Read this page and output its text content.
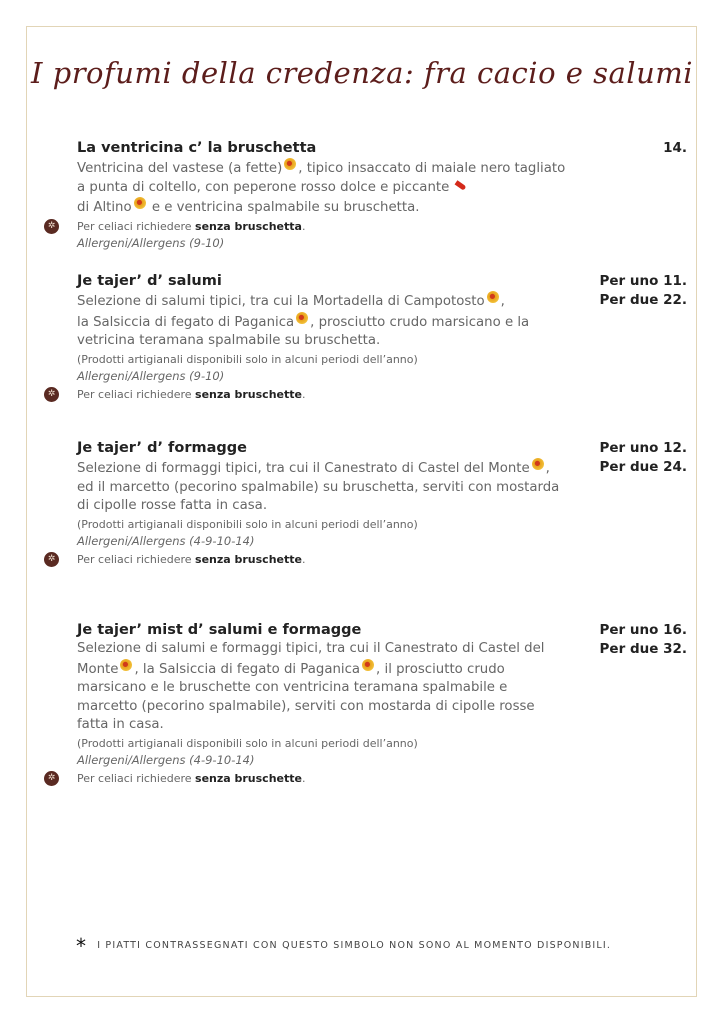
I profumi della credenza: fra cacio e salumi
La ventricina c’ la bruschetta
Ventricina del vastese (a fette) , tipico insaccato di maiale nero tagliato a punta di coltello, con peperone rosso dolce e piccante
di Altino e e ventricina spalmabile su bruschetta.
✲	Per celiaci richiedere senza bruschetta.
Allergeni/Allergens (9-10)
14.
Je tajer’ d’ salumi
Selezione di salumi tipici, tra cui la Mortadella di Campotosto ,
la Salsiccia di fegato di Paganica , prosciutto crudo marsicano e la vetricina teramana spalmabile su bruschetta.
(Prodotti artigianali disponibili solo in alcuni periodi dell’anno)
Allergeni/Allergens (9-10)
✲	Per celiaci richiedere senza bruschette.
Per uno 11.
Per due 22.
Je tajer’ d’ formagge
Selezione di formaggi tipici, tra cui il Canestrato di Castel del Monte , ed il marcetto (pecorino spalmabile) su bruschetta, serviti con mostarda di cipolle rosse fatta in casa.
(Prodotti artigianali disponibili solo in alcuni periodi dell’anno)
Allergeni/Allergens (4-9-10-14)
✲	Per celiaci richiedere senza bruschette.
Per uno 12.
Per due 24.
Je tajer’ mist d’ salumi e formagge
Selezione di salumi e formaggi tipici, tra cui il Canestrato di Castel del Monte , la Salsiccia di fegato di Paganica , il prosciutto crudo marsicano e le bruschette con ventricina teramana spalmabile e marcetto (pecorino spalmabile), serviti con mostarda di cipolle rosse fatta in casa.
(Prodotti artigianali disponibili solo in alcuni periodi dell’anno)
Allergeni/Allergens (4-9-10-14)
✲	Per celiaci richiedere senza bruschette.
Per uno 16.
Per due 32.
* I PIATTI CONTRASSEGNATI CON QUESTO SIMBOLO NON SONO AL MOMENTO DISPONIBILI.
